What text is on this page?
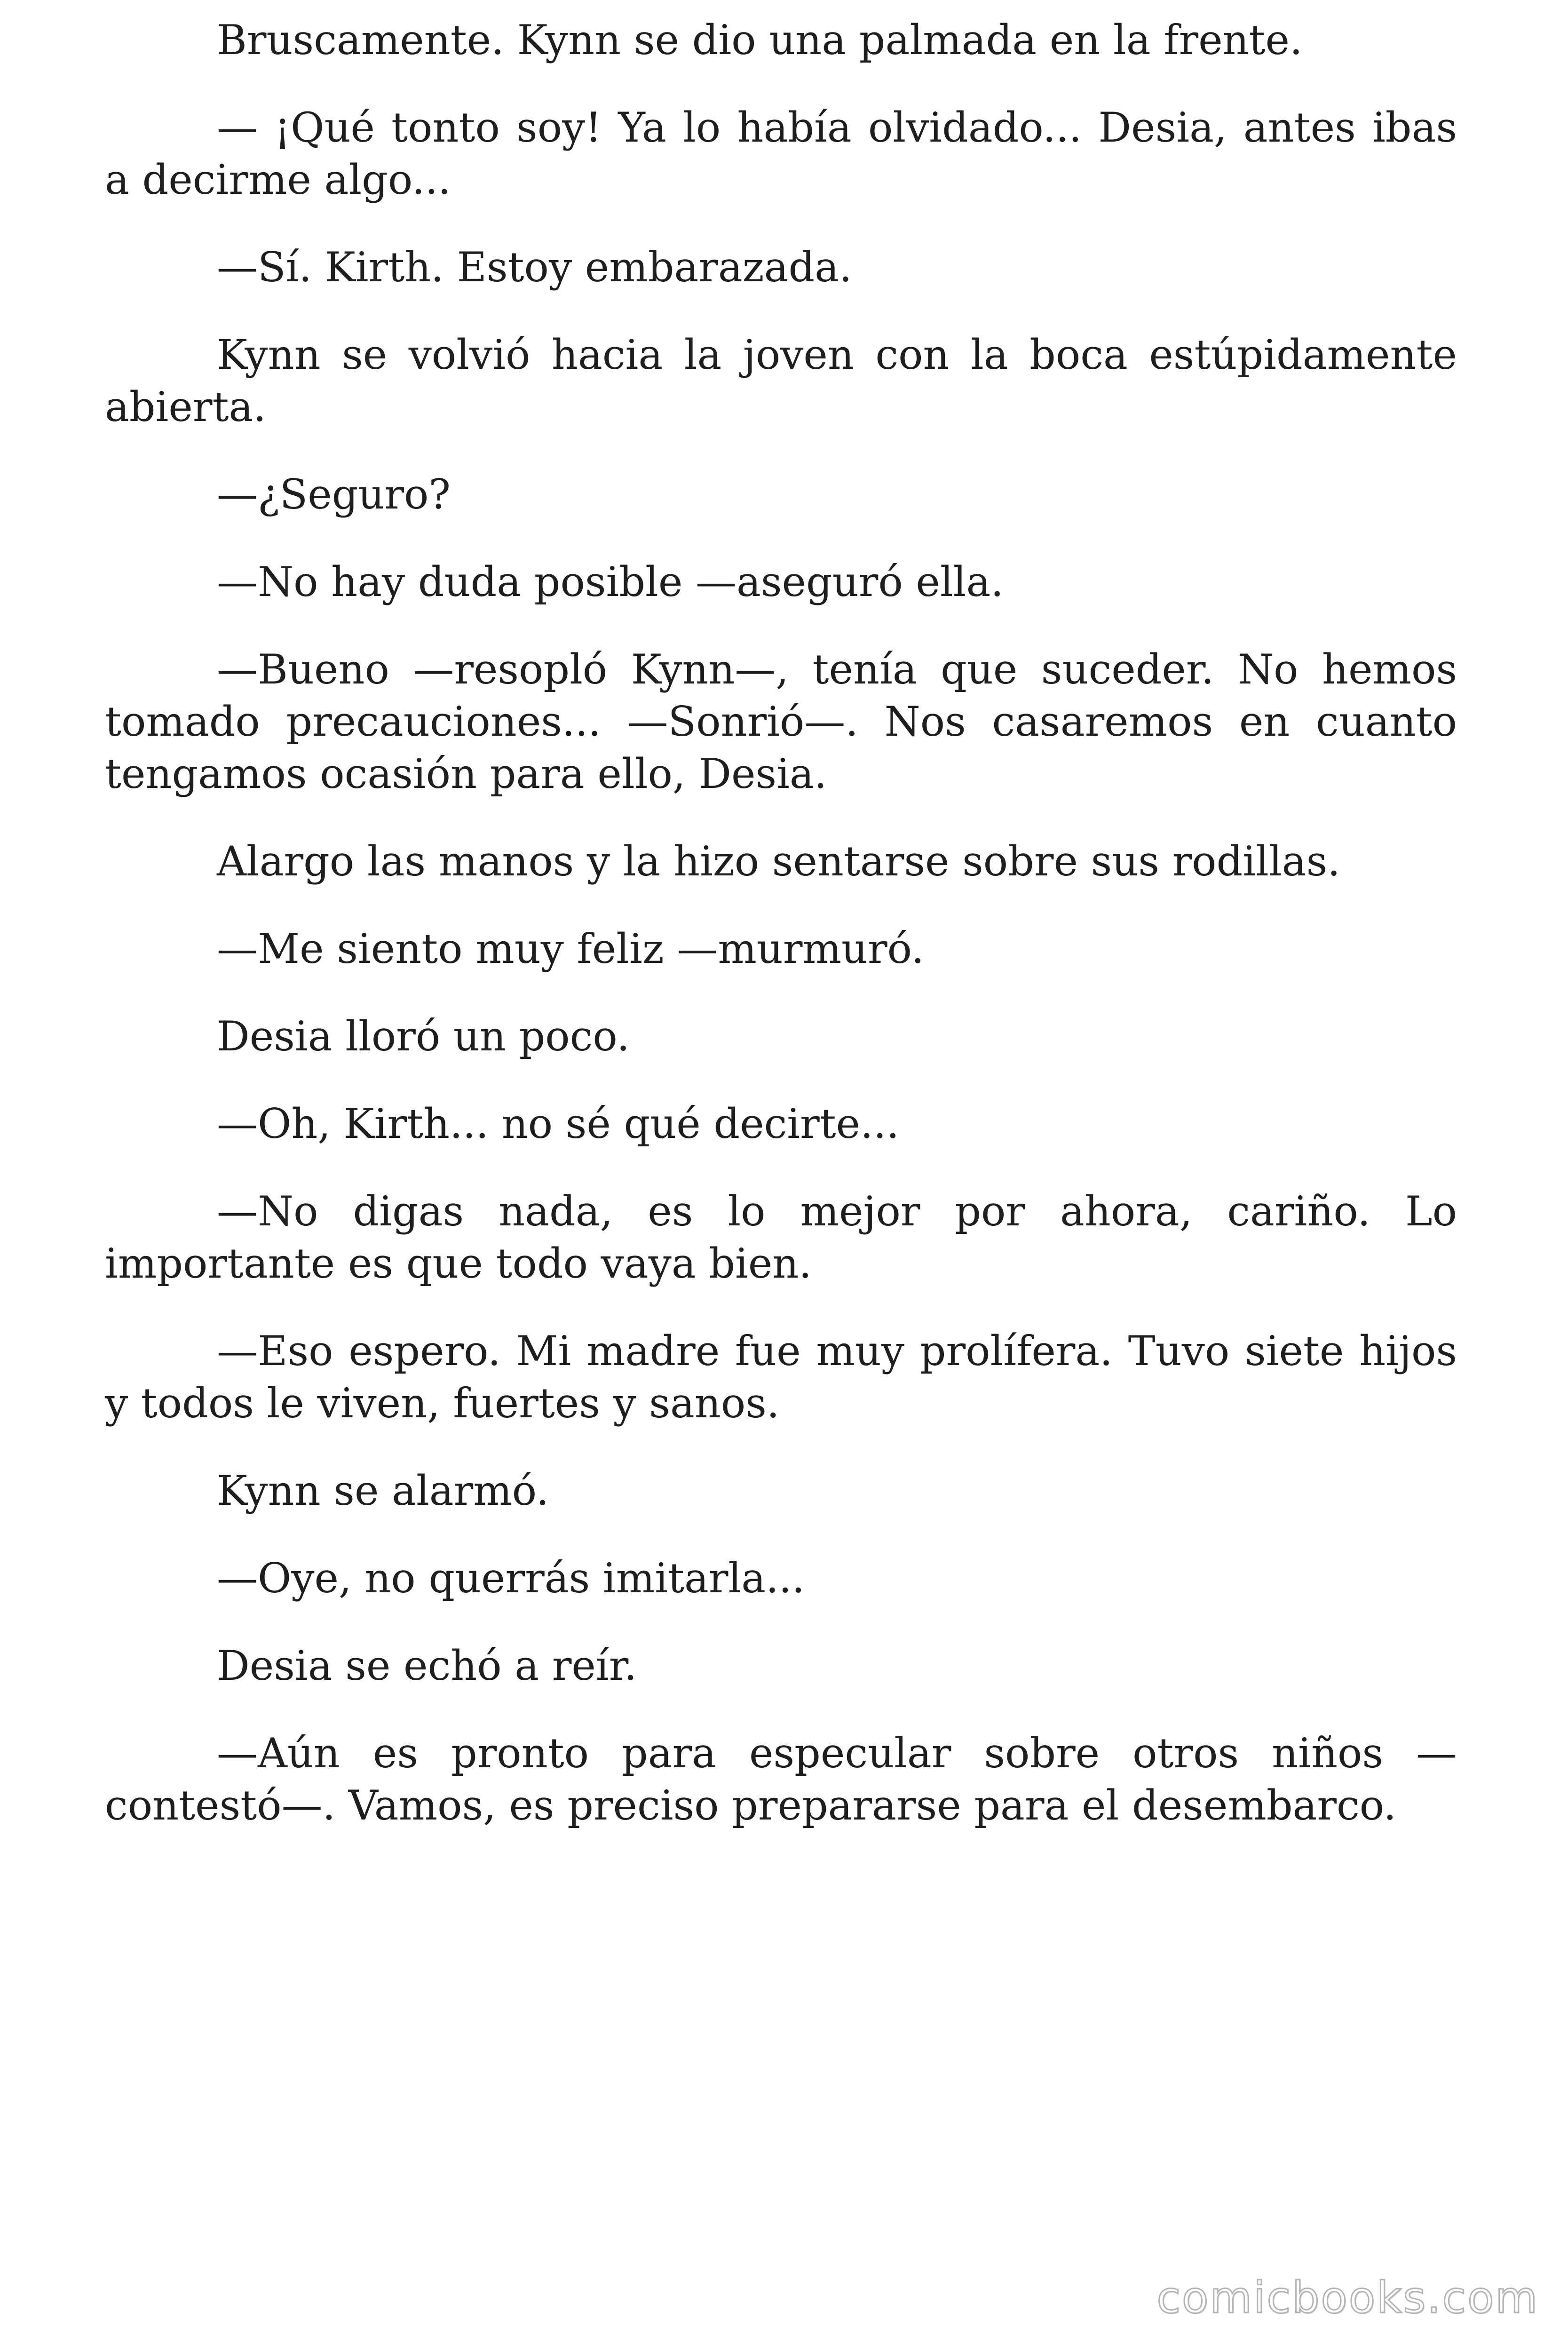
Bruscamente. Kynn se dio una palmada en la frente.

— ¡Qué tonto soy! Ya lo había olvidado... Desia, antes ibas a decirme algo...

—Sí. Kirth. Estoy embarazada.

Kynn se volvió hacia la joven con la boca estúpidamente abierta.

—¿Seguro?

—No hay duda posible —aseguró ella.

—Bueno —resopló Kynn—, tenía que suceder. No hemos tomado precauciones... —Sonrió—. Nos casaremos en cuanto tengamos ocasión para ello, Desia.

Alargo las manos y la hizo sentarse sobre sus rodillas.

—Me siento muy feliz —murmuró.

Desia lloró un poco.

—Oh, Kirth... no sé qué decirte...

—No digas nada, es lo mejor por ahora, cariño. Lo importante es que todo vaya bien.

—Eso espero. Mi madre fue muy prolífera. Tuvo siete hijos y todos le viven, fuertes y sanos.

Kynn se alarmó.

—Oye, no querrás imitarla...

Desia se echó a reír.

—Aún es pronto para especular sobre otros niños —contestó—. Vamos, es preciso prepararse para el desembarco.

comicbooks.com
